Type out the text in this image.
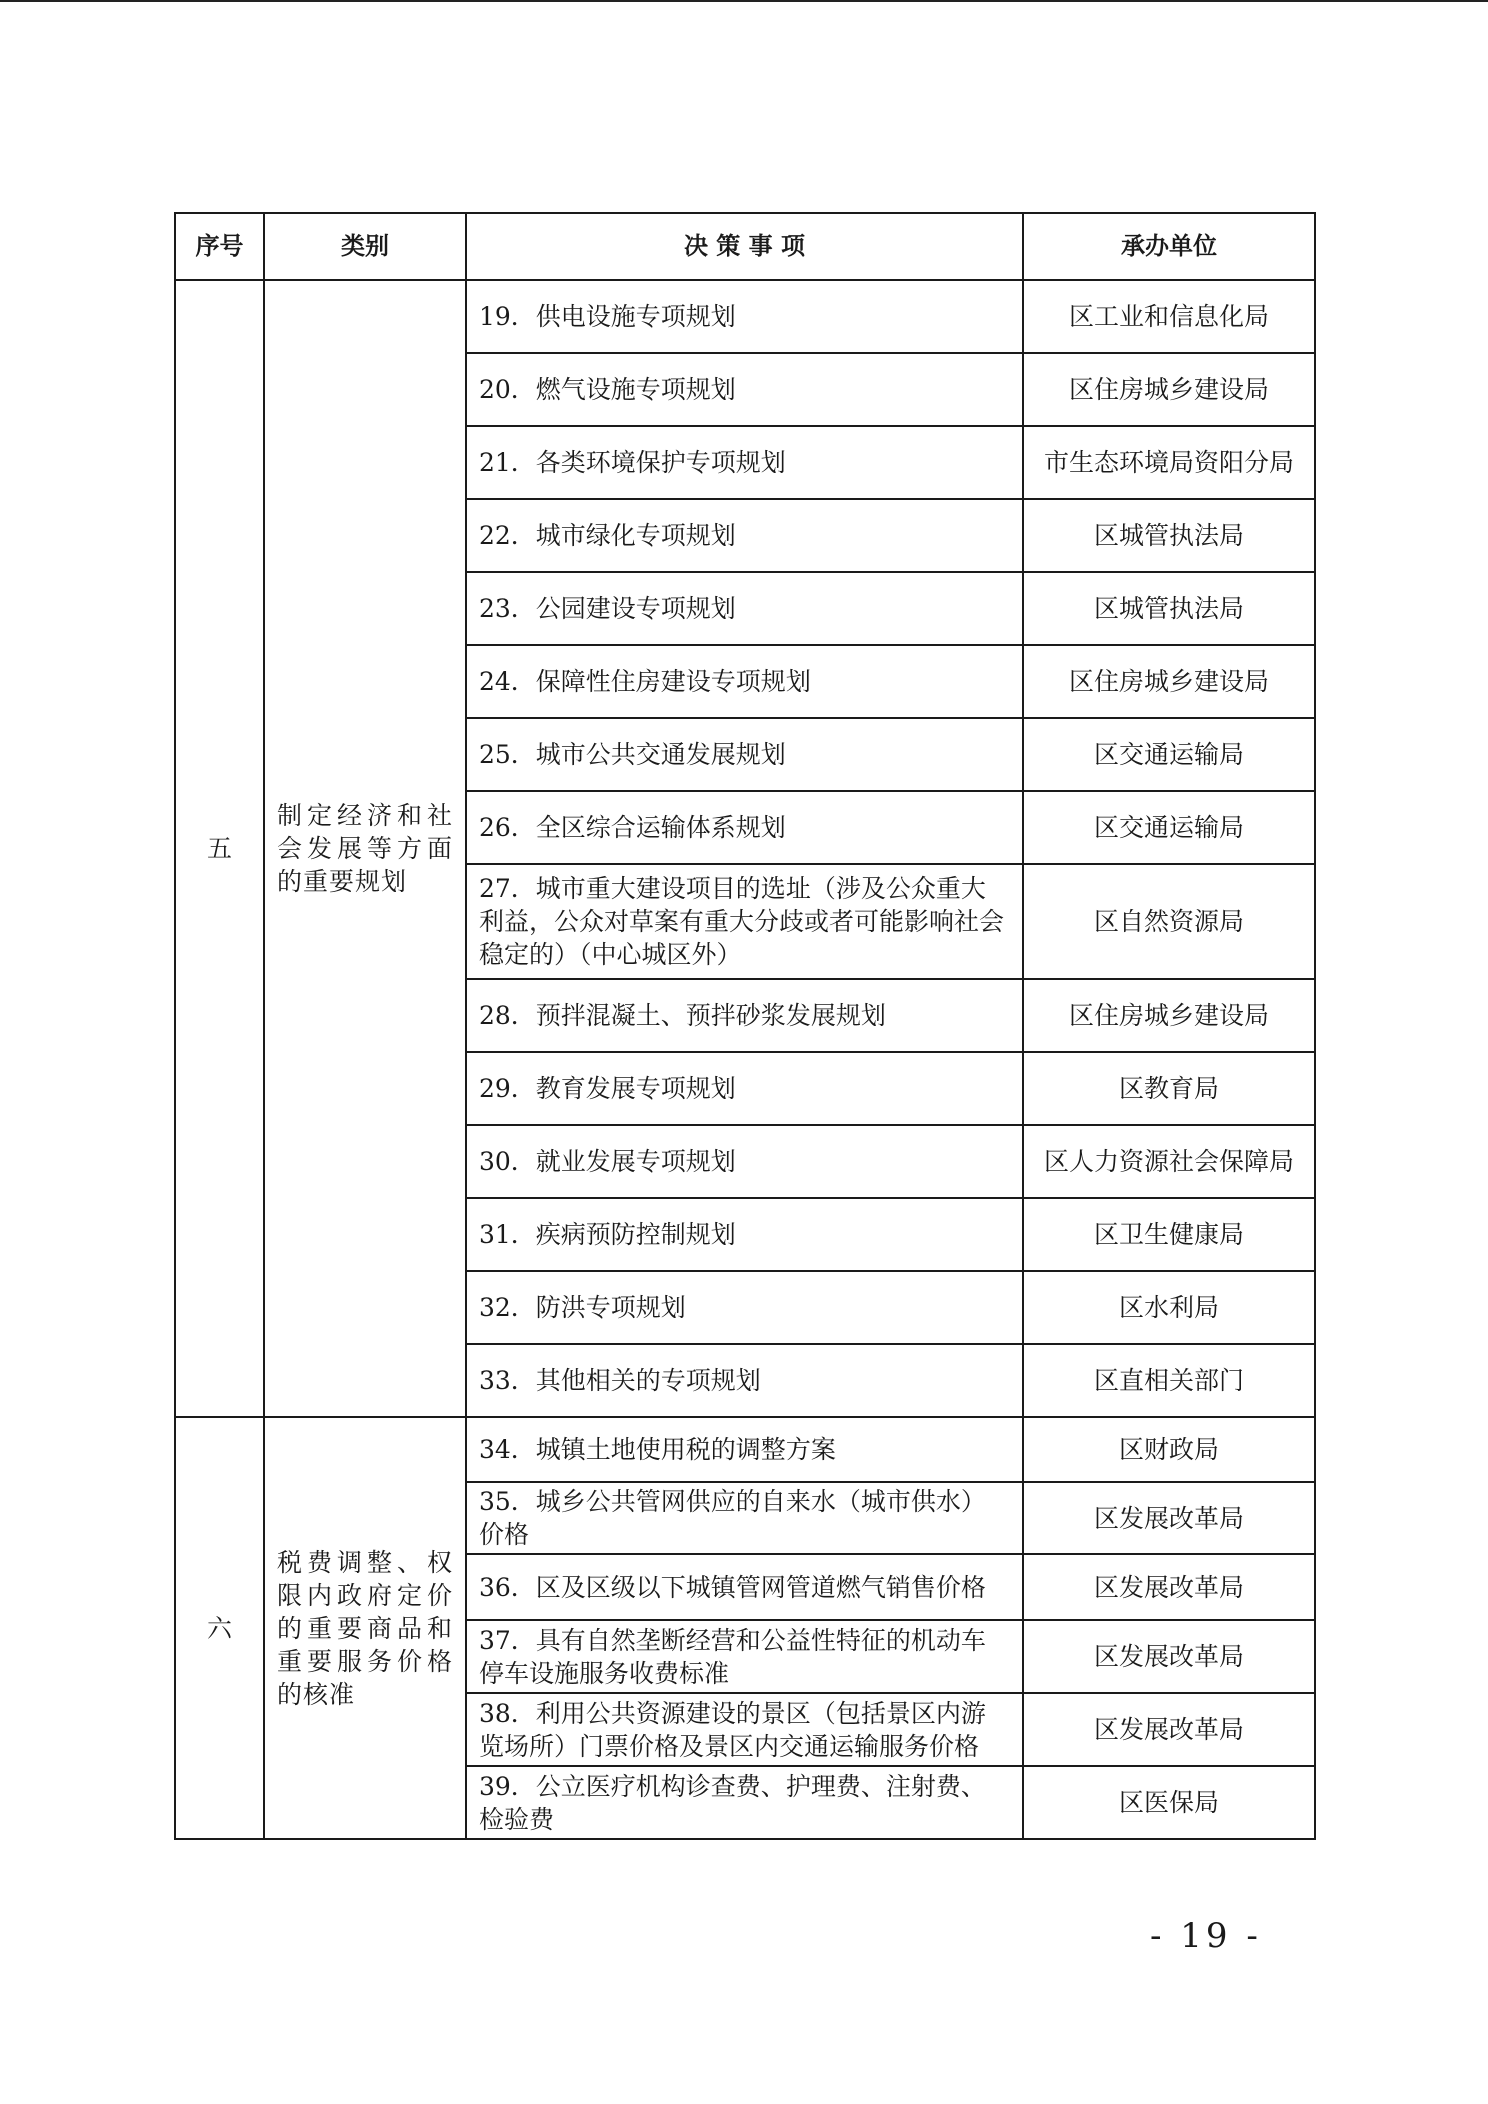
序号	类别	决 策 事 项	承办单位
五	制定经济和社会发展等方面的重要规划	19．供电设施专项规划	区工业和信息化局
		20．燃气设施专项规划	区住房城乡建设局
		21．各类环境保护专项规划	市生态环境局资阳分局
		22．城市绿化专项规划	区城管执法局
		23．公园建设专项规划	区城管执法局
		24．保障性住房建设专项规划	区住房城乡建设局
		25．城市公共交通发展规划	区交通运输局
		26．全区综合运输体系规划	区交通运输局
		27．城市重大建设项目的选址（涉及公众重大利益，公众对草案有重大分歧或者可能影响社会稳定的）（中心城区外）	区自然资源局
		28．预拌混凝土、预拌砂浆发展规划	区住房城乡建设局
		29．教育发展专项规划	区教育局
		30．就业发展专项规划	区人力资源社会保障局
		31．疾病预防控制规划	区卫生健康局
		32．防洪专项规划	区水利局
		33．其他相关的专项规划	区直相关部门
六	税费调整、权限内政府定价的重要商品和重要服务价格的核准	34．城镇土地使用税的调整方案	区财政局
		35．城乡公共管网供应的自来水（城市供水）价格	区发展改革局
		36．区及区级以下城镇管网管道燃气销售价格	区发展改革局
		37．具有自然垄断经营和公益性特征的机动车停车设施服务收费标准	区发展改革局
		38．利用公共资源建设的景区（包括景区内游览场所）门票价格及景区内交通运输服务价格	区发展改革局
		39．公立医疗机构诊查费、护理费、注射费、检验费	区医保局
- 19 -
